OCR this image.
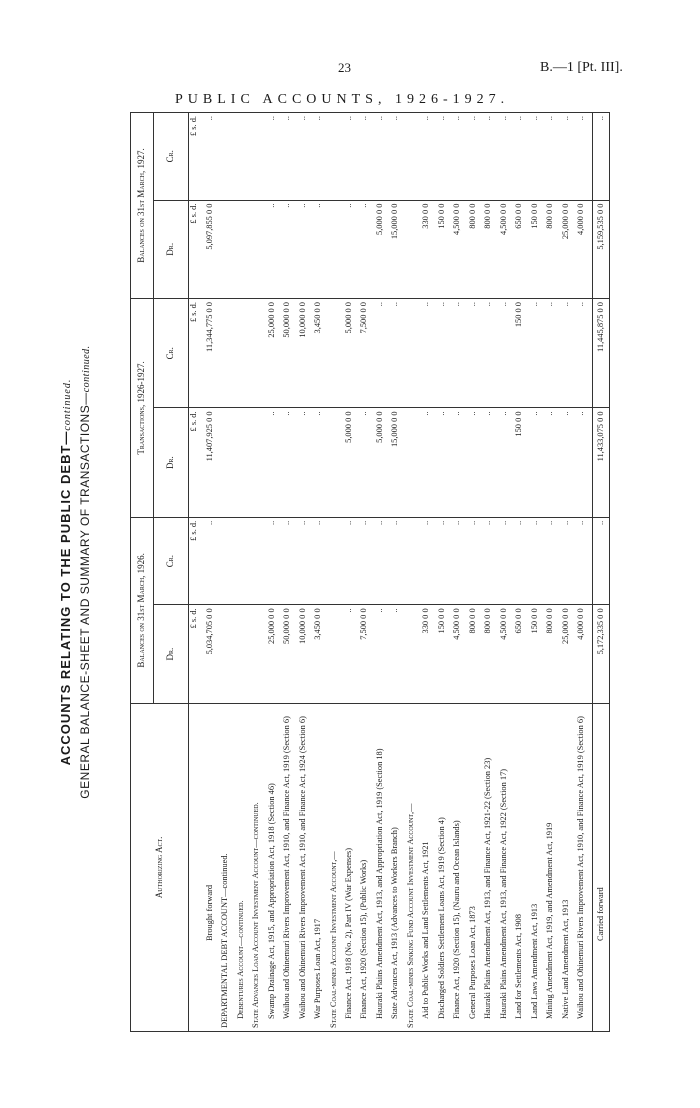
23	B.—1 [Pt. III].
PUBLIC ACCOUNTS, 1926-1927.
ACCOUNTS RELATING TO THE PUBLIC DEBT—continued. GENERAL BALANCE-SHEET AND SUMMARY OF TRANSACTIONS—continued.
Authorizing Act.	Balances on 31st March, 1926.		Transactions, 1926-1927.		Balances on 31st March, 1927.	
	Dr.	Cr.	Dr.	Cr.	Dr.	Cr.
	£ s. d.	£ s. d.	£ s. d.	£ s. d.	£ s. d.	£ s. d.
Brought forward	5,034,705 0 0	..	11,407,925 0 0	11,344,775 0 0	5,097,855 0 0	..
DEPARTMENTAL DEBT ACCOUNT—continued.						
Debentures Account—continued.						
State Advances Loan Account Investment Account—continued.						
Swamp Drainage Act, 1915, and Appropriation Act, 1918 (Section 46)	25,000 0 0	..	..	25,000 0 0	..	..
Waihou and Ohinemuri Rivers Improvement Act, 1910, and Finance Act, 1919 (Section 6)	50,000 0 0	..	..	50,000 0 0	..	..
Waihou and Ohinemuri Rivers Improvement Act, 1910, and Finance Act, 1924 (Section 6)	10,000 0 0	..	..	10,000 0 0	..	..
War Purposes Loan Act, 1917	3,450 0 0	..	..	3,450 0 0	..	..

State Coal-mines Account Investment Account,—						
Finance Act, 1918 (No. 2), Part IV (War Expenses)	..	..	5,000 0 0	5,000 0 0	..	..
Finance Act, 1920 (Section 15), (Public Works)	7,500 0 0	..	..	7,500 0 0	..	..
Hauraki Plains Amendment Act, 1913, and Appropriation Act, 1919 (Section 18)	..	..	5,000 0 0	..	5,000 0 0	..
State Advances Act, 1913 (Advances to Workers Branch)	..	..	15,000 0 0	..	15,000 0 0	..

State Coal-mines Sinking Fund Account Investment Account,—						
Aid to Public Works and Land Settlements Act, 1921	330 0 0	..	..	..	330 0 0	..
Discharged Soldiers Settlement Loans Act, 1919 (Section 4)	150 0 0	..	..	..	150 0 0	..
Finance Act, 1920 (Section 15), (Nauru and Ocean Islands)	4,500 0 0	..	..	..	4,500 0 0	..
General Purposes Loan Act, 1873	800 0 0	..	..	..	800 0 0	..
Hauraki Plains Amendment Act, 1913, and Finance Act, 1921-22 (Section 23)	800 0 0	..	..	..	800 0 0	..
Hauraki Plains Amendment Act, 1913, and Finance Act, 1922 (Section 17)	4,500 0 0	..	..	..	4,500 0 0	..
Land for Settlements Act, 1908	650 0 0	..	150 0 0	150 0 0	650 0 0	..
Land Laws Amendment Act, 1913	150 0 0	..	..	..	150 0 0	..
Mining Amendment Act, 1919, and Amendment Act, 1919	800 0 0	..	..	..	800 0 0	..
Native Land Amendment Act, 1913	25,000 0 0	..	..	..	25,000 0 0	..
Waihou and Ohinemuri Rivers Improvement Act, 1910, and Finance Act, 1919 (Section 6)	4,000 0 0	..	..	..	4,000 0 0	..
Carried forward	5,172,335 0 0	..	11,433,075 0 0	11,445,875 0 0	5,159,535 0 0	..
